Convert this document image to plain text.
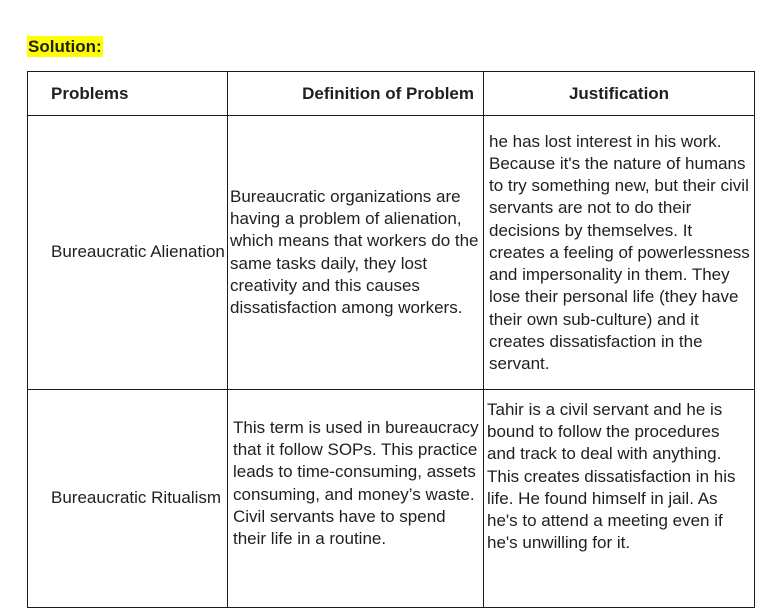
Solution:
Problems	Definition of Problem	Justification
Bureaucratic Alienation	Bureaucratic organizations are having a problem of alienation, which means that workers do the same tasks daily, they lost creativity and this causes dissatisfaction among workers.	he has lost interest in his work. Because it's the nature of humans to try something new, but their civil servants are not to do their decisions by themselves. It creates a feeling of powerlessness and impersonality in them. They lose their personal life (they have their own sub-culture) and it creates dissatisfaction in the servant.
Bureaucratic Ritualism	This term is used in bureaucracy that it follow SOPs. This practice leads to time-consuming, assets consuming, and money’s waste. Civil servants have to spend their life in a routine.	Tahir is a civil servant and he is bound to follow the procedures and track to deal with anything. This creates dissatisfaction in his life. He found himself in jail. As he's to attend a meeting even if he's unwilling for it.
